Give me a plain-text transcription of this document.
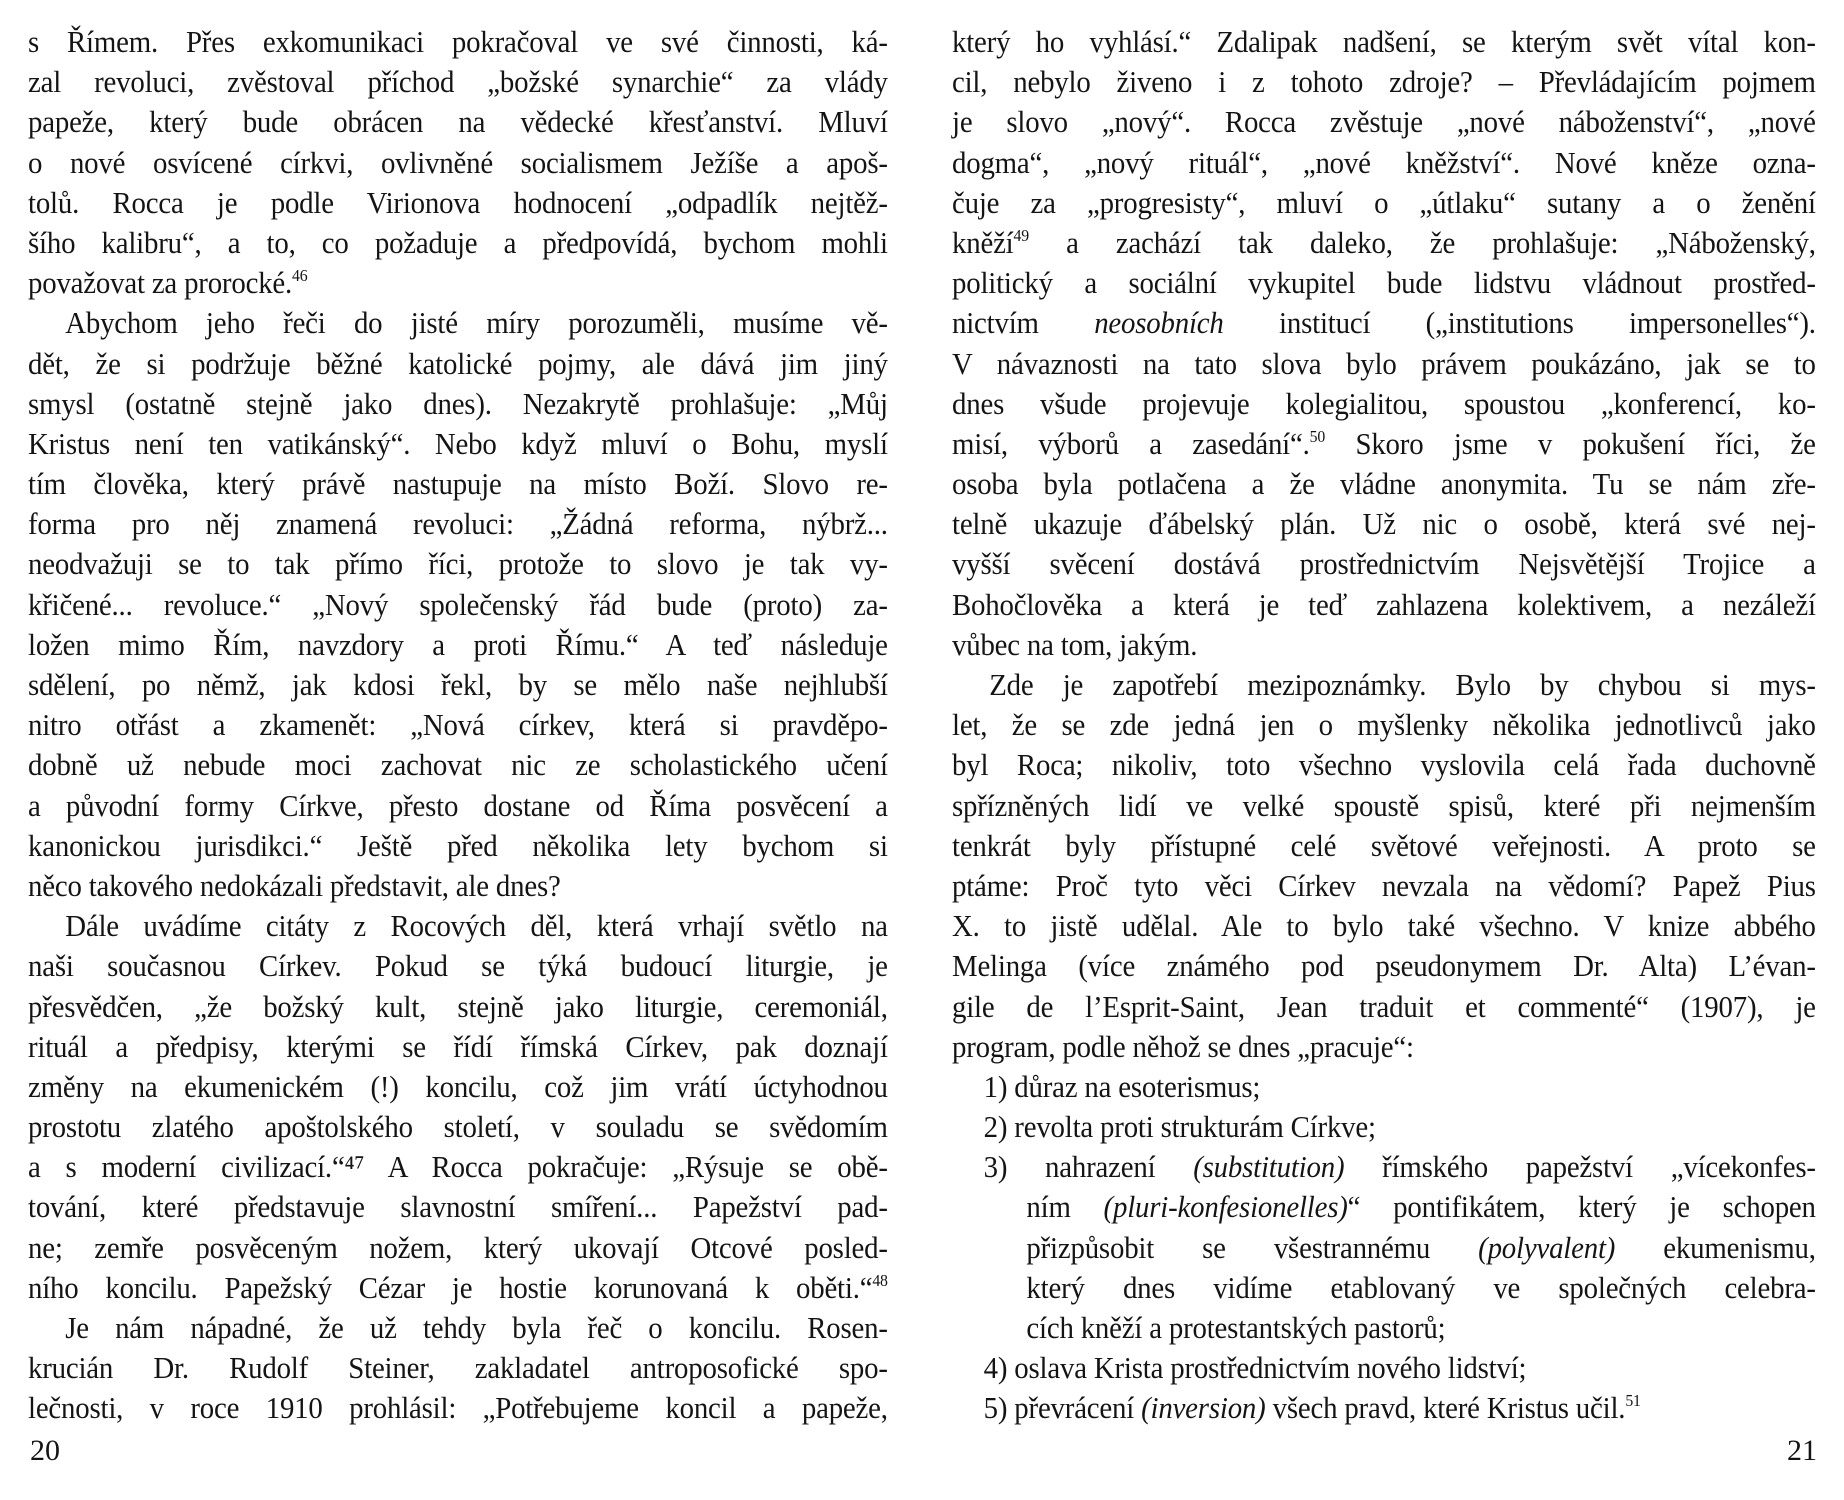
s Římem. Přes exkomunikaci pokračoval ve své činnosti, ká-
zal revoluci, zvěstoval příchod „božské synarchie“ za vlády
papeže, který bude obrácen na vědecké křesťanství. Mluví
o nové osvícené církvi, ovlivněné socialismem Ježíše a apoš-
tolů. Rocca je podle Virionova hodnocení „odpadlík nejtěž-
šího kalibru“, a to, co požaduje a předpovídá, bychom mohli
považovat za prorocké.$^{46}$
Abychom jeho řeči do jisté míry porozuměli, musíme vě-
dět, že si podržuje běžné katolické pojmy, ale dává jim jiný
smysl (ostatně stejně jako dnes). Nezakrytě prohlašuje: „Můj
Kristus není ten vatikánský“. Nebo když mluví o Bohu, myslí
tím člověka, který právě nastupuje na místo Boží. Slovo re-
forma pro něj znamená revoluci: „Žádná reforma, nýbrž...
neodvažuji se to tak přímo říci, protože to slovo je tak vy-
křičené... revoluce.“ „Nový společenský řád bude (proto) za-
ložen mimo Řím, navzdory a proti Římu.“ A teď následuje
sdělení, po němž, jak kdosi řekl, by se mělo naše nejhlubší
nitro otřást a zkamenět: „Nová církev, která si pravděpo-
dobně už nebude moci zachovat nic ze scholastického učení
a původní formy Církve, přesto dostane od Říma posvěcení a
kanonickou jurisdikci.“ Ještě před několika lety bychom si
něco takového nedokázali představit, ale dnes?
Dále uvádíme citáty z Rocových děl, která vrhají světlo na
naši současnou Církev. Pokud se týká budoucí liturgie, je
přesvědčen, „že božský kult, stejně jako liturgie, ceremoniál,
rituál a předpisy, kterými se řídí římská Církev, pak doznají
změny na ekumenickém (!) koncilu, což jim vrátí úctyhodnou
prostotu zlatého apoštolského století, v souladu se svědomím
a s moderní civilizací.“⁴⁷ A Rocca pokračuje: „Rýsuje se obě-
tování, které představuje slavnostní smíření... Papežství pad-
ne; zemře posvěceným nožem, který ukovají Otcové posled-
ního koncilu. Papežský Cézar je hostie korunovaná k oběti.“$^{48}$
Je nám nápadné, že už tehdy byla řeč o koncilu. Rosen-
krucián Dr. Rudolf Steiner, zakladatel antroposofické spo-
lečnosti, v roce 1910 prohlásil: „Potřebujeme koncil a papeže,
který ho vyhlásí.“ Zdalipak nadšení, se kterým svět vítal kon-
cil, nebylo živeno i z tohoto zdroje? – Převládajícím pojmem
je slovo „nový“. Rocca zvěstuje „nové náboženství“, „nové
dogma“, „nový rituál“, „nové kněžství“. Nové kněze ozna-
čuje za „progresisty“, mluví o „útlaku“ sutany a o ženění
kněží$^{49}$ a zachází tak daleko, že prohlašuje: „Náboženský,
politický a sociální vykupitel bude lidstvu vládnout prostřed-
nictvím neosobních institucí („institutions impersonelles“).
V návaznosti na tato slova bylo právem poukázáno, jak se to
dnes všude projevuje kolegialitou, spoustou „konferencí, ko-
misí, výborů a zasedání“.$^{50}$ Skoro jsme v pokušení říci, že
osoba byla potlačena a že vládne anonymita. Tu se nám zře-
telně ukazuje ďábelský plán. Už nic o osobě, která své nej-
vyšší svěcení dostává prostřednictvím Nejsvětější Trojice a
Bohočlověka a která je teď zahlazena kolektivem, a nezáleží
vůbec na tom, jakým.
Zde je zapotřebí mezipoznámky. Bylo by chybou si mys-
let, že se zde jedná jen o myšlenky několika jednotlivců jako
byl Roca; nikoliv, toto všechno vyslovila celá řada duchovně
spřízněných lidí ve velké spoustě spisů, které při nejmenším
tenkrát byly přístupné celé světové veřejnosti. A proto se
ptáme: Proč tyto věci Církev nevzala na vědomí? Papež Pius
X. to jistě udělal. Ale to bylo také všechno. V knize abbého
Melinga (více známého pod pseudonymem Dr. Alta) L’évan-
gile de l’Esprit-Saint, Jean traduit et commenté“ (1907), je
program, podle něhož se dnes „pracuje“:
1) důraz na esoterismus;
2) revolta proti strukturám Církve;
3) nahrazení (substitution) římského papežství „vícekonfes-
ním (pluri-konfesionelles)“ pontifikátem, který je schopen
přizpůsobit se všestrannému (polyvalent) ekumenismu,
který dnes vidíme etablovaný ve společných celebra-
cích kněží a protestantských pastorů;
4) oslava Krista prostřednictvím nového lidství;
5) převrácení (inversion) všech pravd, které Kristus učil.$^{51}$
20	21
